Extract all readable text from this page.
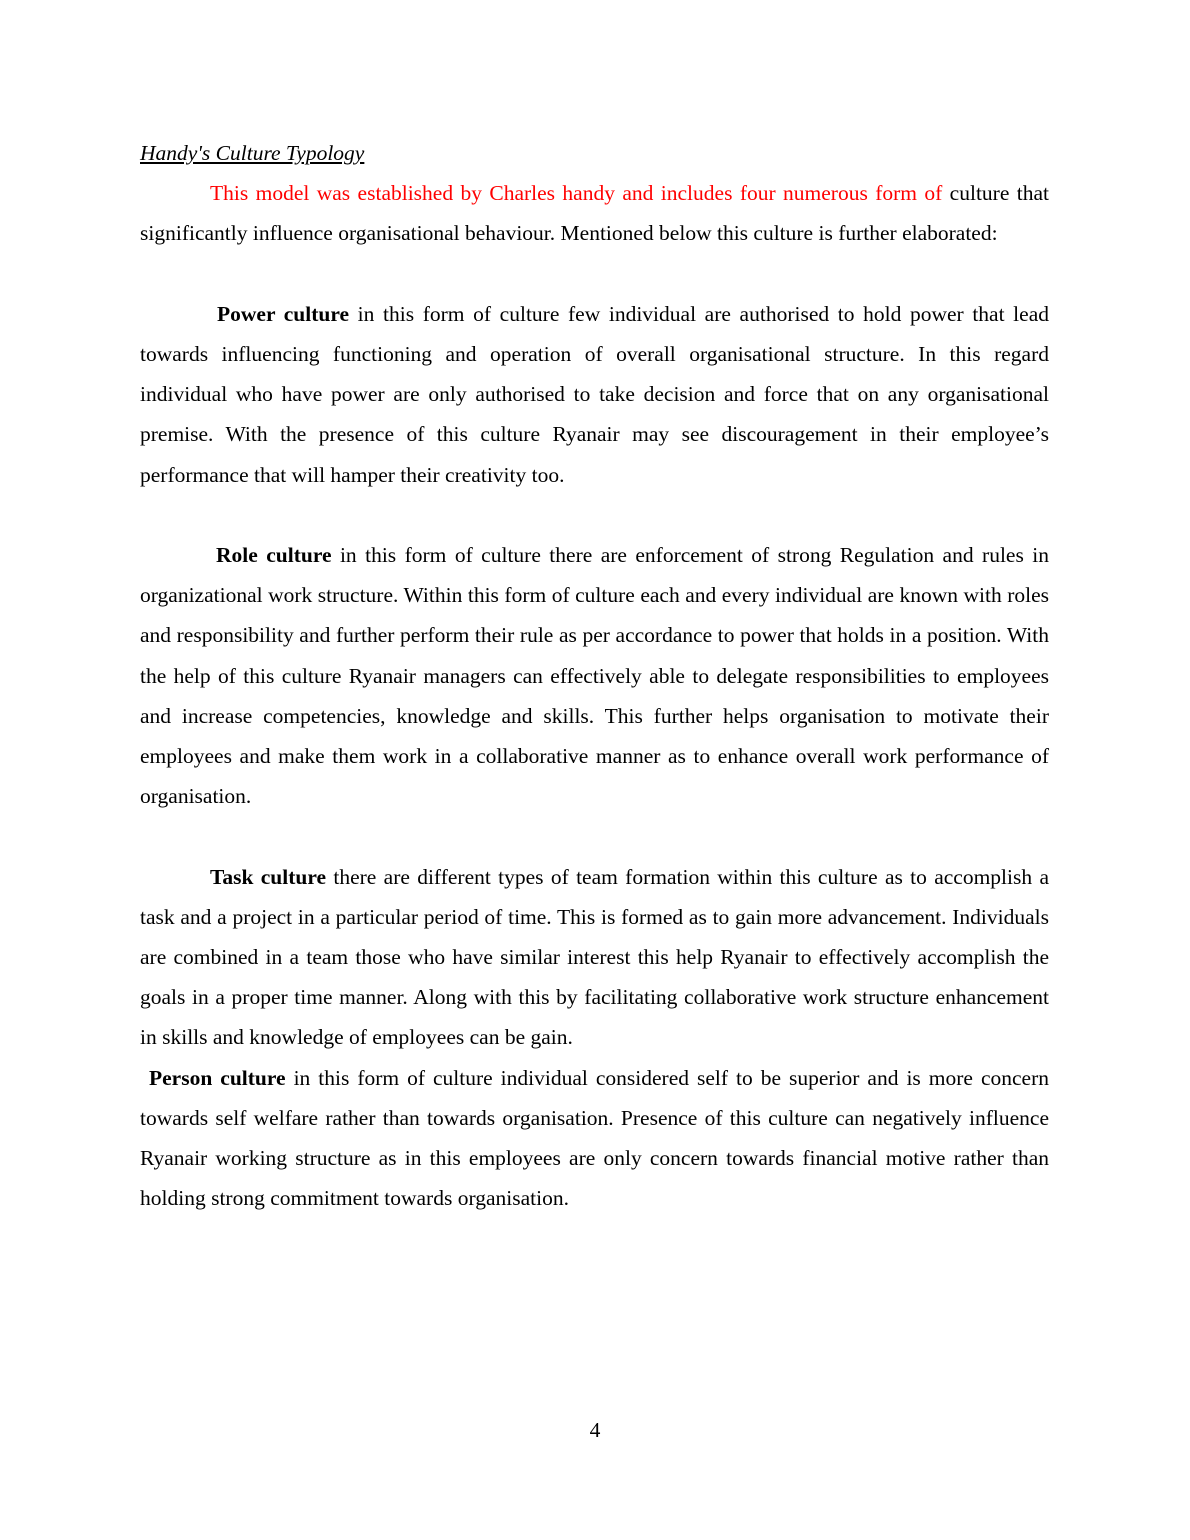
Handy's Culture Typology

This model was established by Charles handy and includes four numerous form of culture that significantly influence organisational behaviour. Mentioned below this culture is further elaborated:

Power culture in this form of culture few individual are authorised to hold power that lead towards influencing functioning and operation of overall organisational structure. In this regard individual who have power are only authorised to take decision and force that on any organisational premise. With the presence of this culture Ryanair may see discouragement in their employee’s performance that will hamper their creativity too.

Role culture in this form of culture there are enforcement of strong Regulation and rules in organizational work structure. Within this form of culture each and every individual are known with roles and responsibility and further perform their rule as per accordance to power that holds in a position. With the help of this culture Ryanair managers can effectively able to delegate responsibilities to employees and increase competencies, knowledge and skills. This further helps organisation to motivate their employees and make them work in a collaborative manner as to enhance overall work performance of organisation.

Task culture there are different types of team formation within this culture as to accomplish a task and a project in a particular period of time. This is formed as to gain more advancement. Individuals are combined in a team those who have similar interest this help Ryanair to effectively accomplish the goals in a proper time manner. Along with this by facilitating collaborative work structure enhancement in skills and knowledge of employees can be gain.

Person culture in this form of culture individual considered self to be superior and is more concern towards self welfare rather than towards organisation. Presence of this culture can negatively influence Ryanair working structure as in this employees are only concern towards financial motive rather than holding strong commitment towards organisation.

4
